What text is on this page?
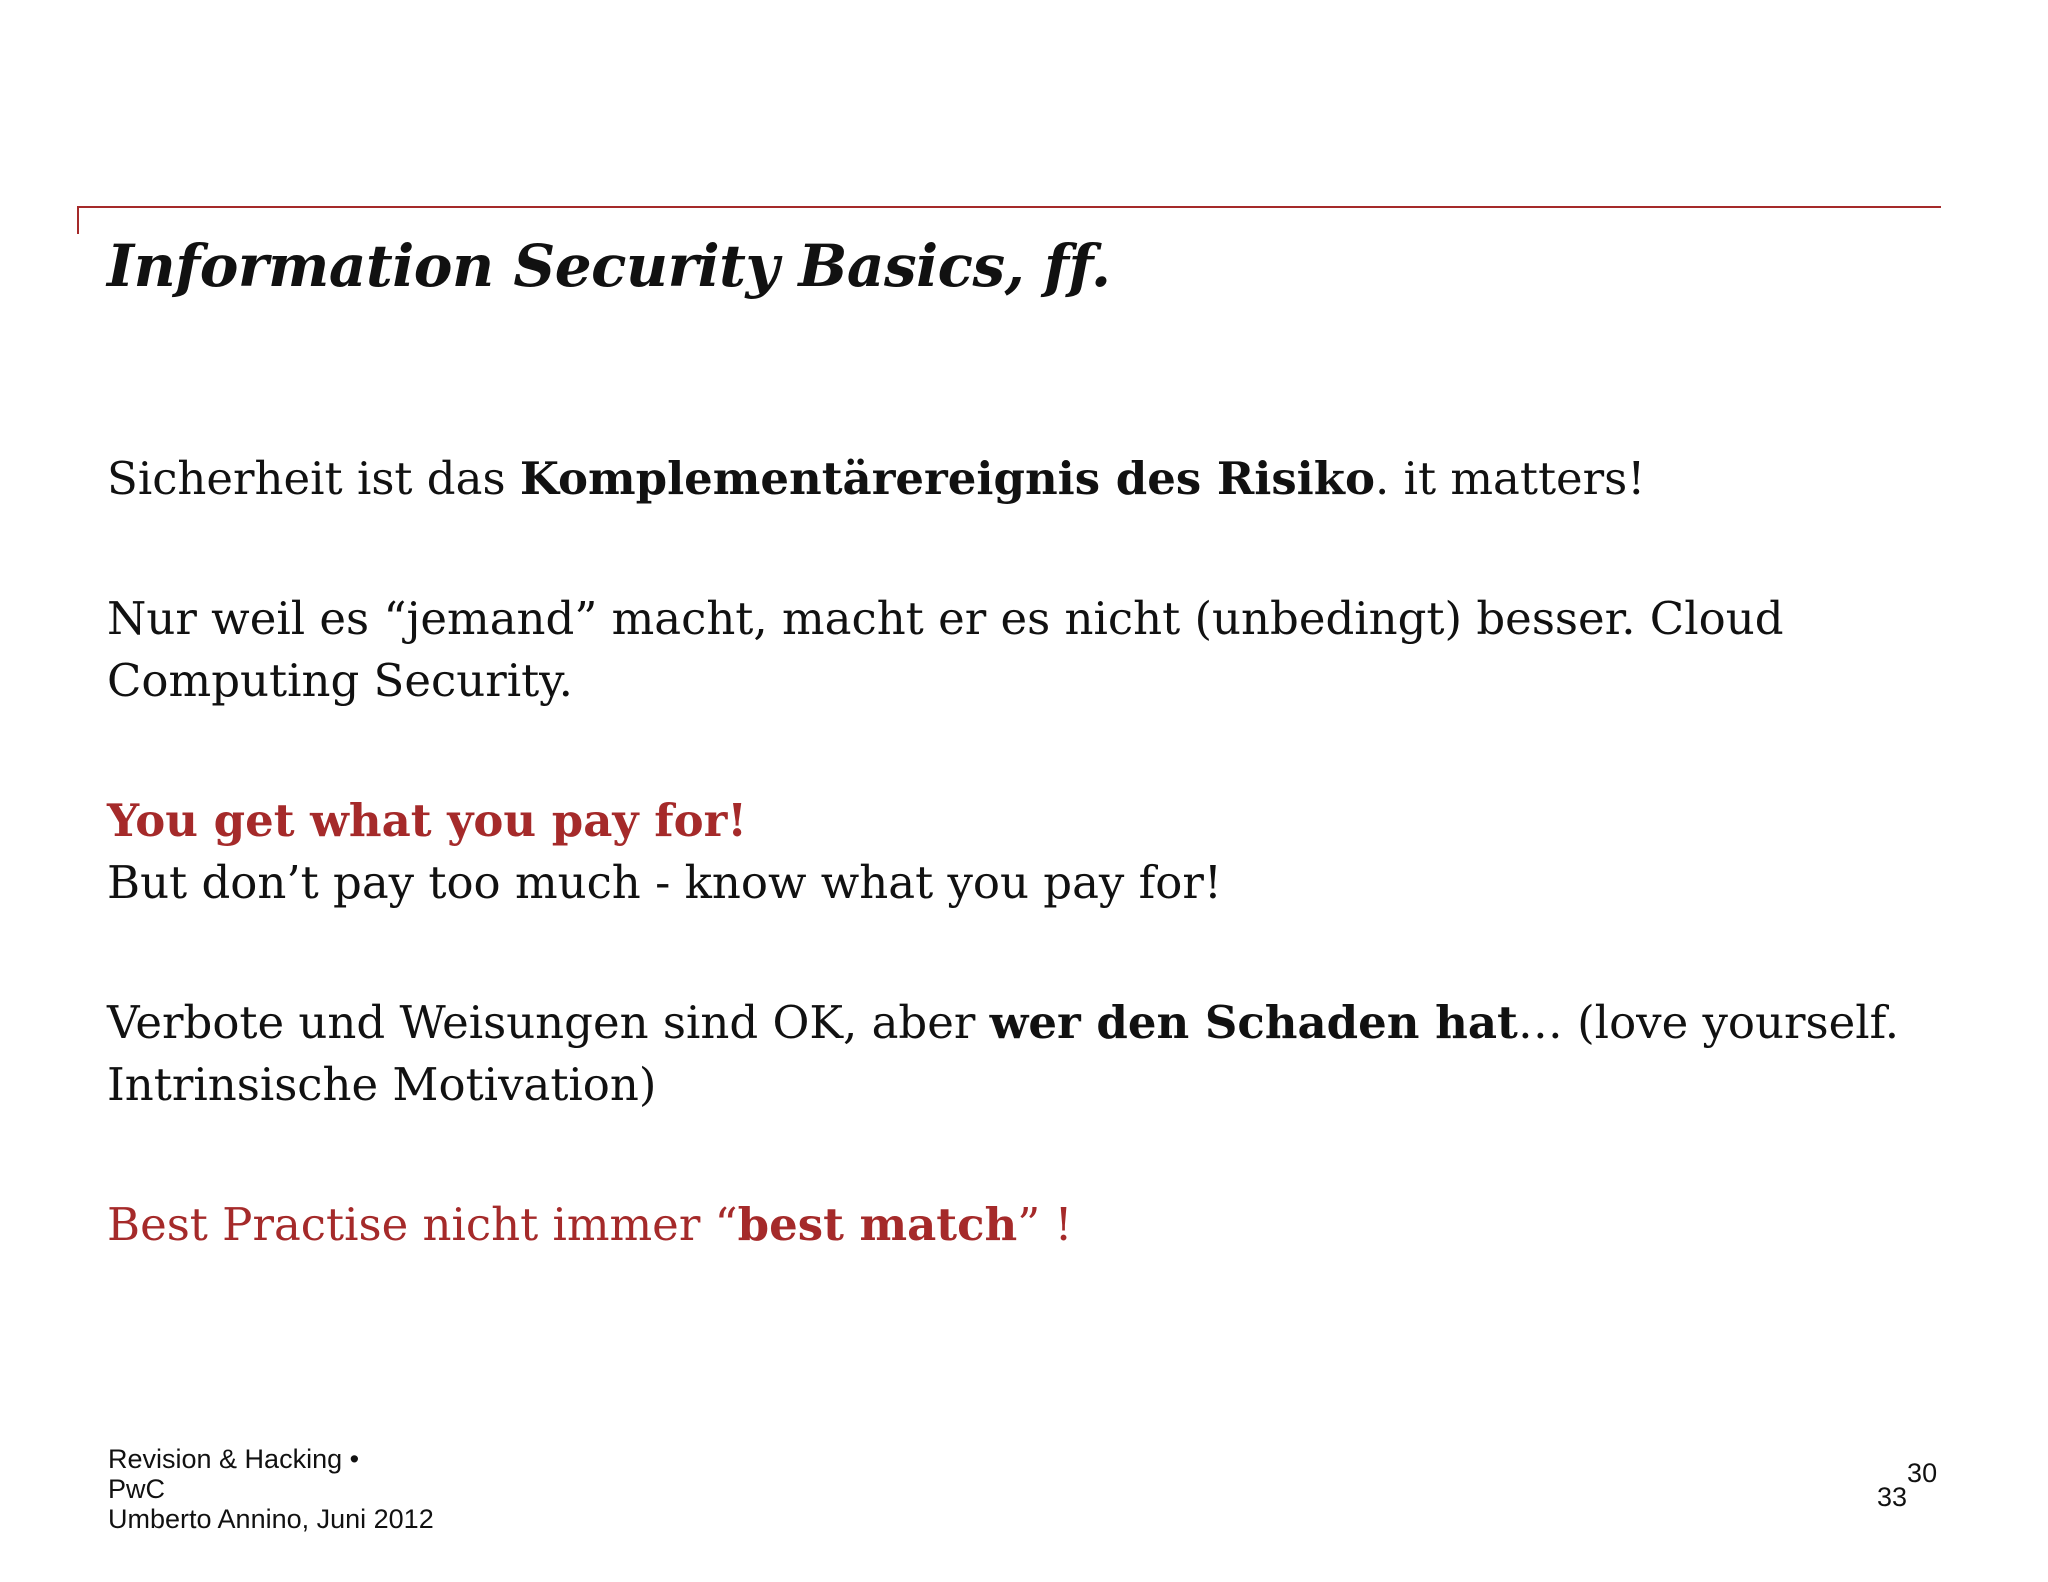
Information Security Basics, ff.

Sicherheit ist das Komplementärereignis des Risiko. it matters!

Nur weil es “jemand” macht, macht er es nicht (unbedingt) besser. Cloud
Computing Security.

You get what you pay for!
But don’t pay too much - know what you pay for!

Verbote und Weisungen sind OK, aber wer den Schaden hat… (love yourself.
Intrinsische Motivation)

Best Practise nicht immer “best match” !

Revision & Hacking •
PwC
Umberto Annino, Juni 2012
3330
